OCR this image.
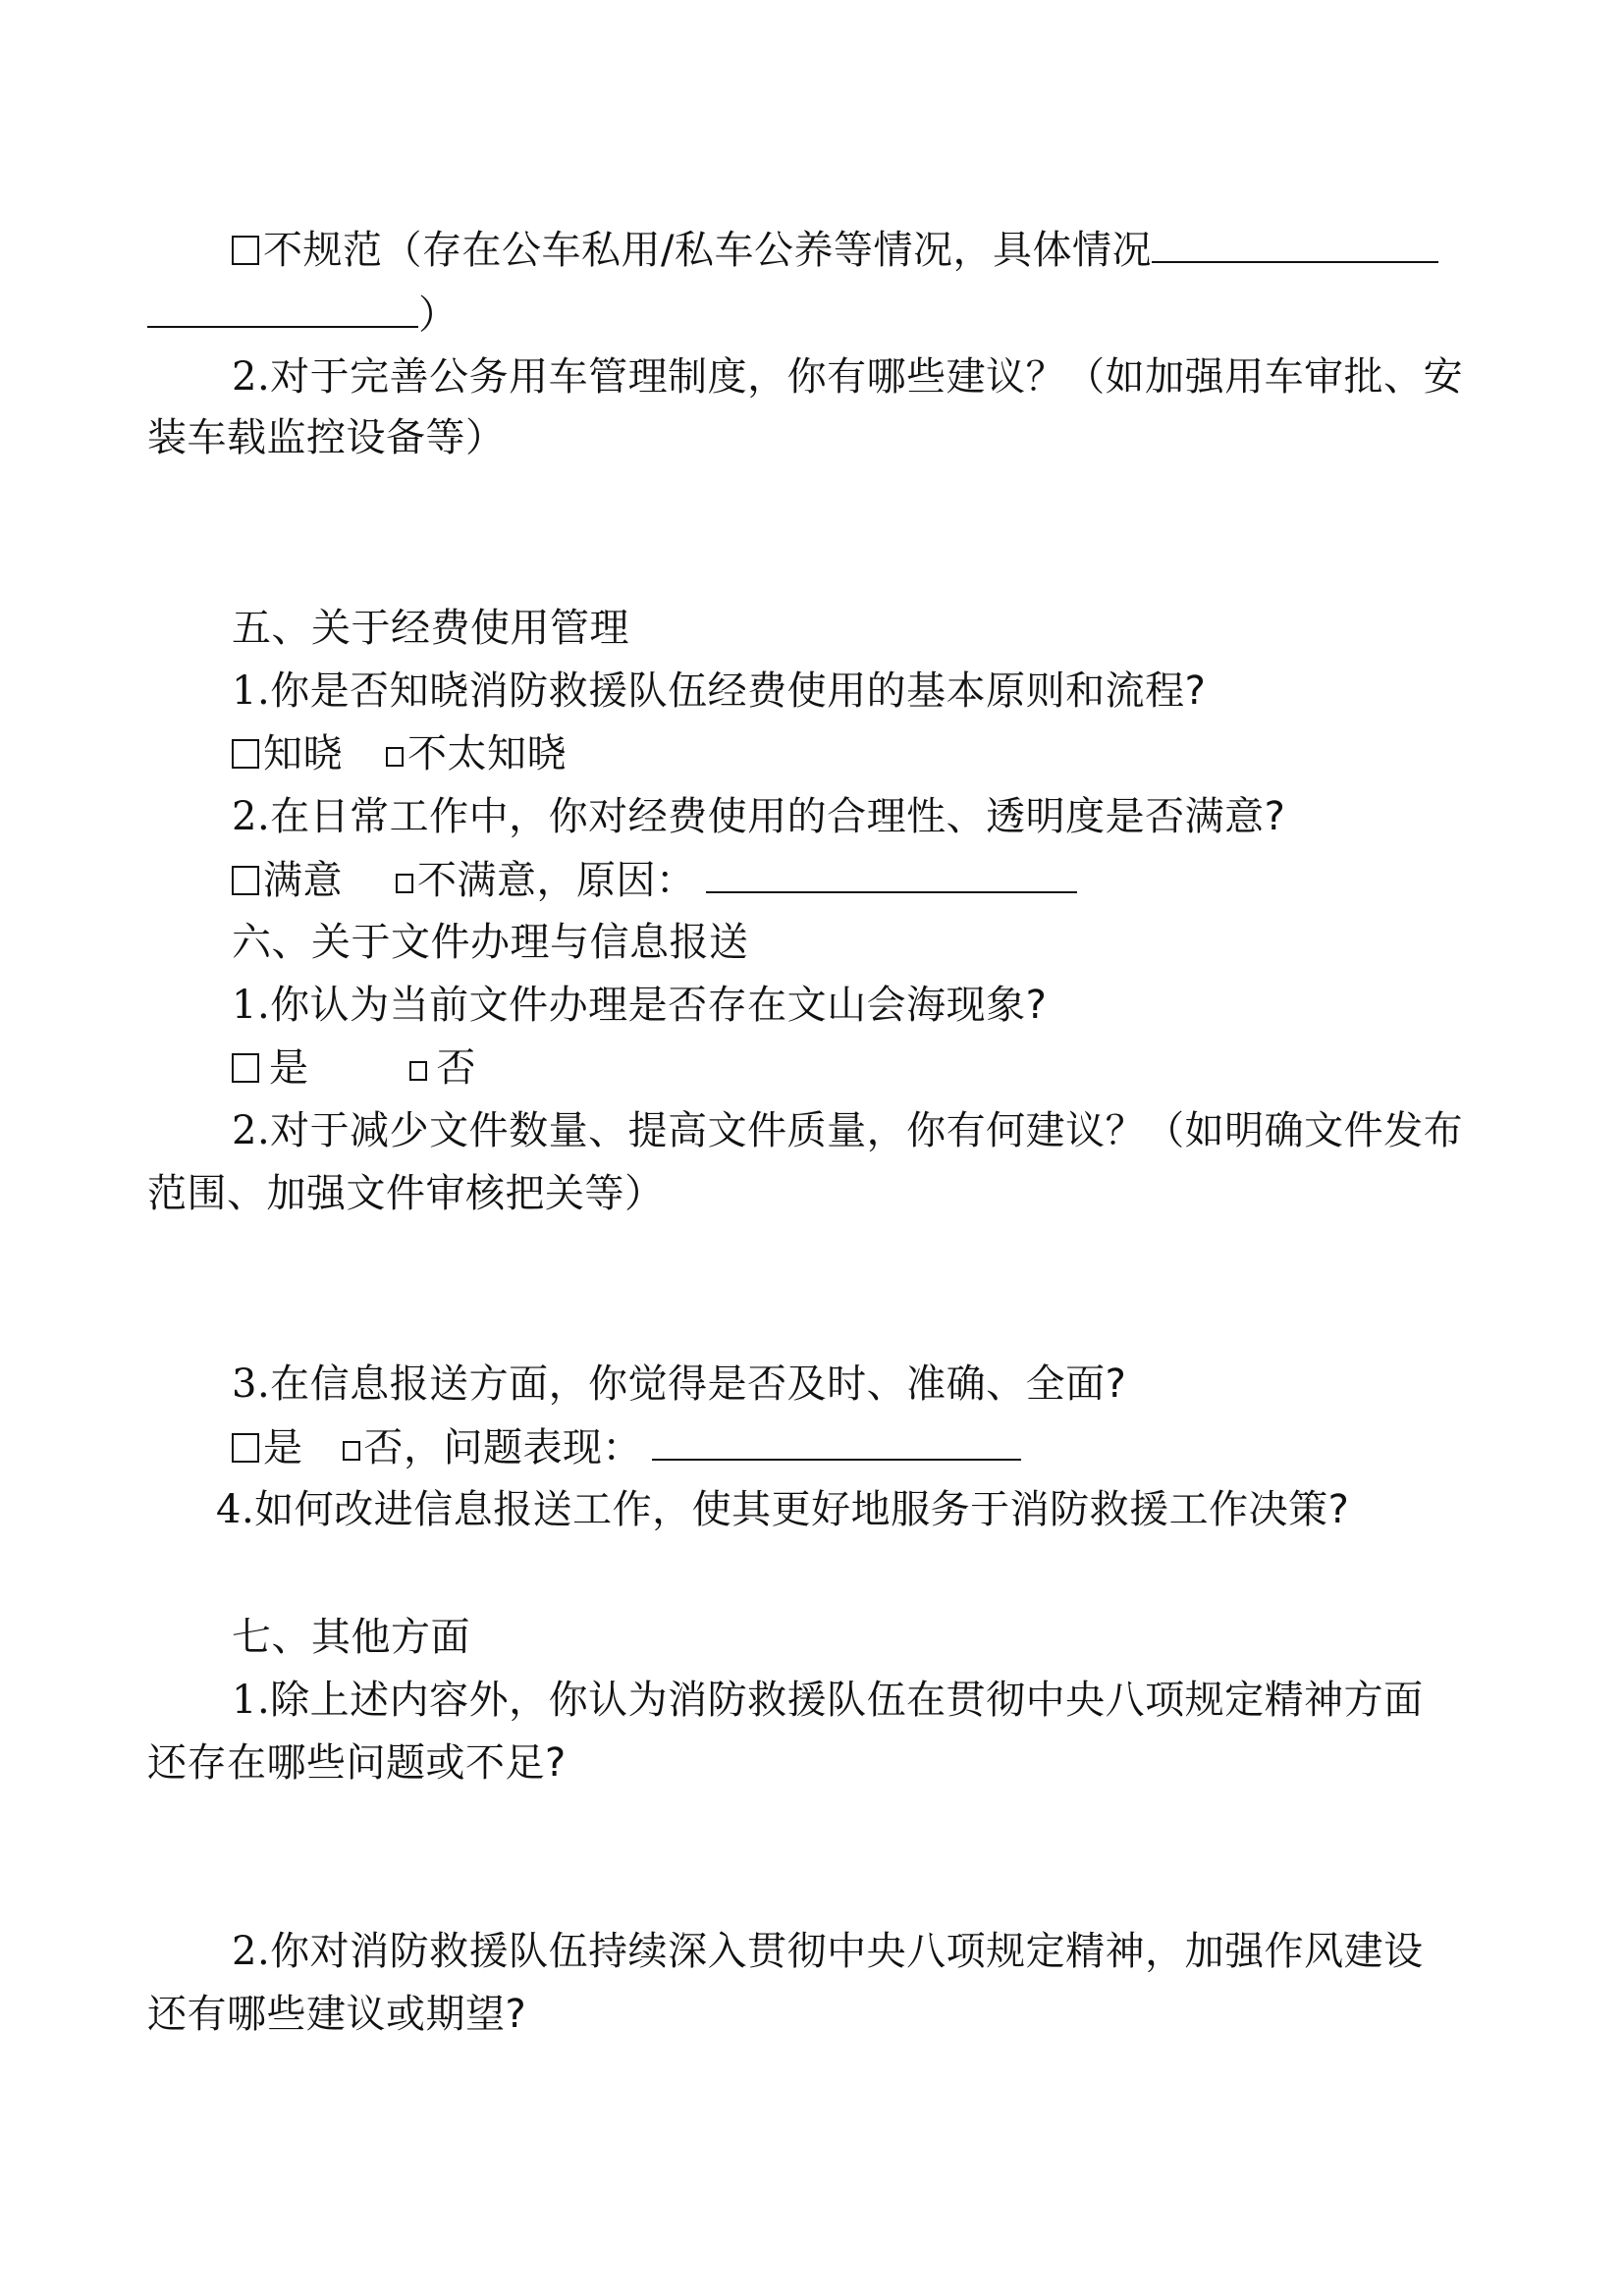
不规范（存在公车私用/私车公养等情况，具体情况
）
2.对于完善公务用车管理制度，你有哪些建议？（如加强用车审批、安
装车载监控设备等）
五、关于经费使用管理
1.你是否知晓消防救援队伍经费使用的基本原则和流程?
知晓 不太知晓
2.在日常工作中，你对经费使用的合理性、透明度是否满意?
满意 不满意，原因：
六、关于文件办理与信息报送
1.你认为当前文件办理是否存在文山会海现象?
是	否
2.对于减少文件数量、提高文件质量，你有何建议？（如明确文件发布
范围、加强文件审核把关等）
3.在信息报送方面，你觉得是否及时、准确、全面?
是 否，问题表现：
4.如何改进信息报送工作，使其更好地服务于消防救援工作决策?
七、其他方面
1.除上述内容外，你认为消防救援队伍在贯彻中央八项规定精神方面
还存在哪些问题或不足?
2.你对消防救援队伍持续深入贯彻中央八项规定精神，加强作风建设
还有哪些建议或期望?
